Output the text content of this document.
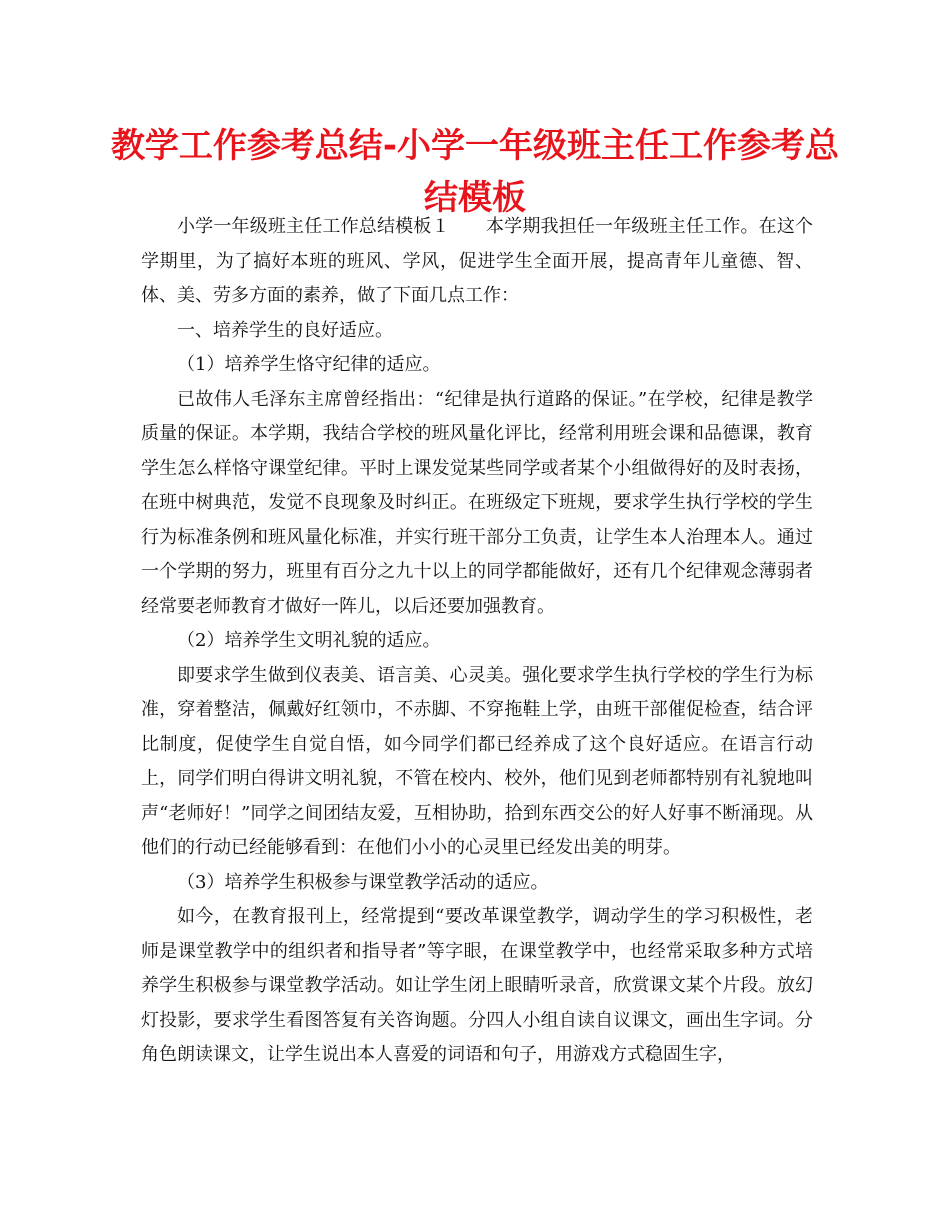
教学工作参考总结-小学一年级班主任工作参考总结模板

小学一年级班主任工作总结模板１　　本学期我担任一年级班主任工作。在这个学期里，为了搞好本班的班风、学风，促进学生全面开展，提高青年儿童德、智、体、美、劳多方面的素养，做了下面几点工作：

一、培养学生的良好适应。

（1）培养学生恪守纪律的适应。

已故伟人毛泽东主席曾经指出：“纪律是执行道路的保证。”在学校，纪律是教学质量的保证。本学期，我结合学校的班风量化评比，经常利用班会课和品德课，教育学生怎么样恪守课堂纪律。平时上课发觉某些同学或者某个小组做得好的及时表扬，在班中树典范，发觉不良现象及时纠正。在班级定下班规，要求学生执行学校的学生行为标准条例和班风量化标准，并实行班干部分工负责，让学生本人治理本人。通过一个学期的努力，班里有百分之九十以上的同学都能做好，还有几个纪律观念薄弱者经常要老师教育才做好一阵儿，以后还要加强教育。

（2）培养学生文明礼貌的适应。

即要求学生做到仪表美、语言美、心灵美。强化要求学生执行学校的学生行为标准，穿着整洁，佩戴好红领巾，不赤脚、不穿拖鞋上学，由班干部催促检查，结合评比制度，促使学生自觉自悟，如今同学们都已经养成了这个良好适应。在语言行动上，同学们明白得讲文明礼貌，不管在校内、校外，他们见到老师都特别有礼貌地叫声“老师好！”同学之间团结友爱，互相协助，拾到东西交公的好人好事不断涌现。从他们的行动已经能够看到：在他们小小的心灵里已经发出美的明芽。

（3）培养学生积极参与课堂教学活动的适应。

如今，在教育报刊上，经常提到“要改革课堂教学，调动学生的学习积极性，老师是课堂教学中的组织者和指导者”等字眼，在课堂教学中，也经常采取多种方式培养学生积极参与课堂教学活动。如让学生闭上眼睛听录音，欣赏课文某个片段。放幻灯投影，要求学生看图答复有关咨询题。分四人小组自读自议课文，画出生字词。分角色朗读课文，让学生说出本人喜爱的词语和句子，用游戏方式稳固生字，
